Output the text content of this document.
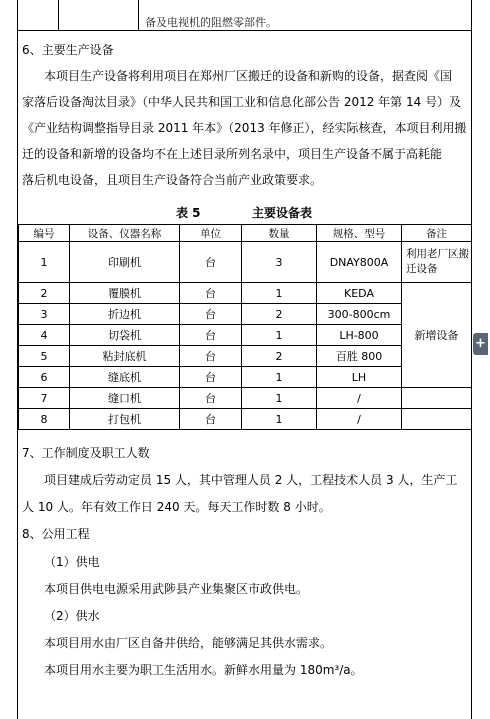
备及电视机的阻燃零部件。
6、主要生产设备
本项目生产设备将利用项目在郑州厂区搬迁的设备和新购的设备，据查阅《国
家落后设备淘汰目录》（中华人民共和国工业和信息化部公告 2012 年第 14 号）及
《产业结构调整指导目录 2011 年本》（2013 年修正），经实际核查，本项目利用搬
迁的设备和新增的设备均不在上述目录所列名录中，项目生产设备不属于高耗能
落后机电设备，且项目生产设备符合当前产业政策要求。
表 5	主要设备表
编号	设备、仪器名称	单位	数量	规格、型号	备注
1	印刷机	台	3	DNAY800A	利用老厂区搬迁设备
2	覆膜机	台	1	KEDA	新增设备
3	折边机	台	2	300-800cm	
4	切袋机	台	1	LH-800	
5	粘封底机	台	2	百胜 800	
6	缝底机	台	1	LH	
7	缝口机	台	1	/	
8	打包机	台	1	/	
7、工作制度及职工人数
项目建成后劳动定员 15 人，其中管理人员 2 人，工程技术人员 3 人，生产工
人 10 人。年有效工作日 240 天。每天工作时数 8 小时。
8、公用工程
（1）供电
本项目供电电源采用武陟县产业集聚区市政供电。
（2）供水
本项目用水由厂区自备井供给，能够满足其供水需求。
本项目用水主要为职工生活用水。新鲜水用量为 180m³/a。
+
